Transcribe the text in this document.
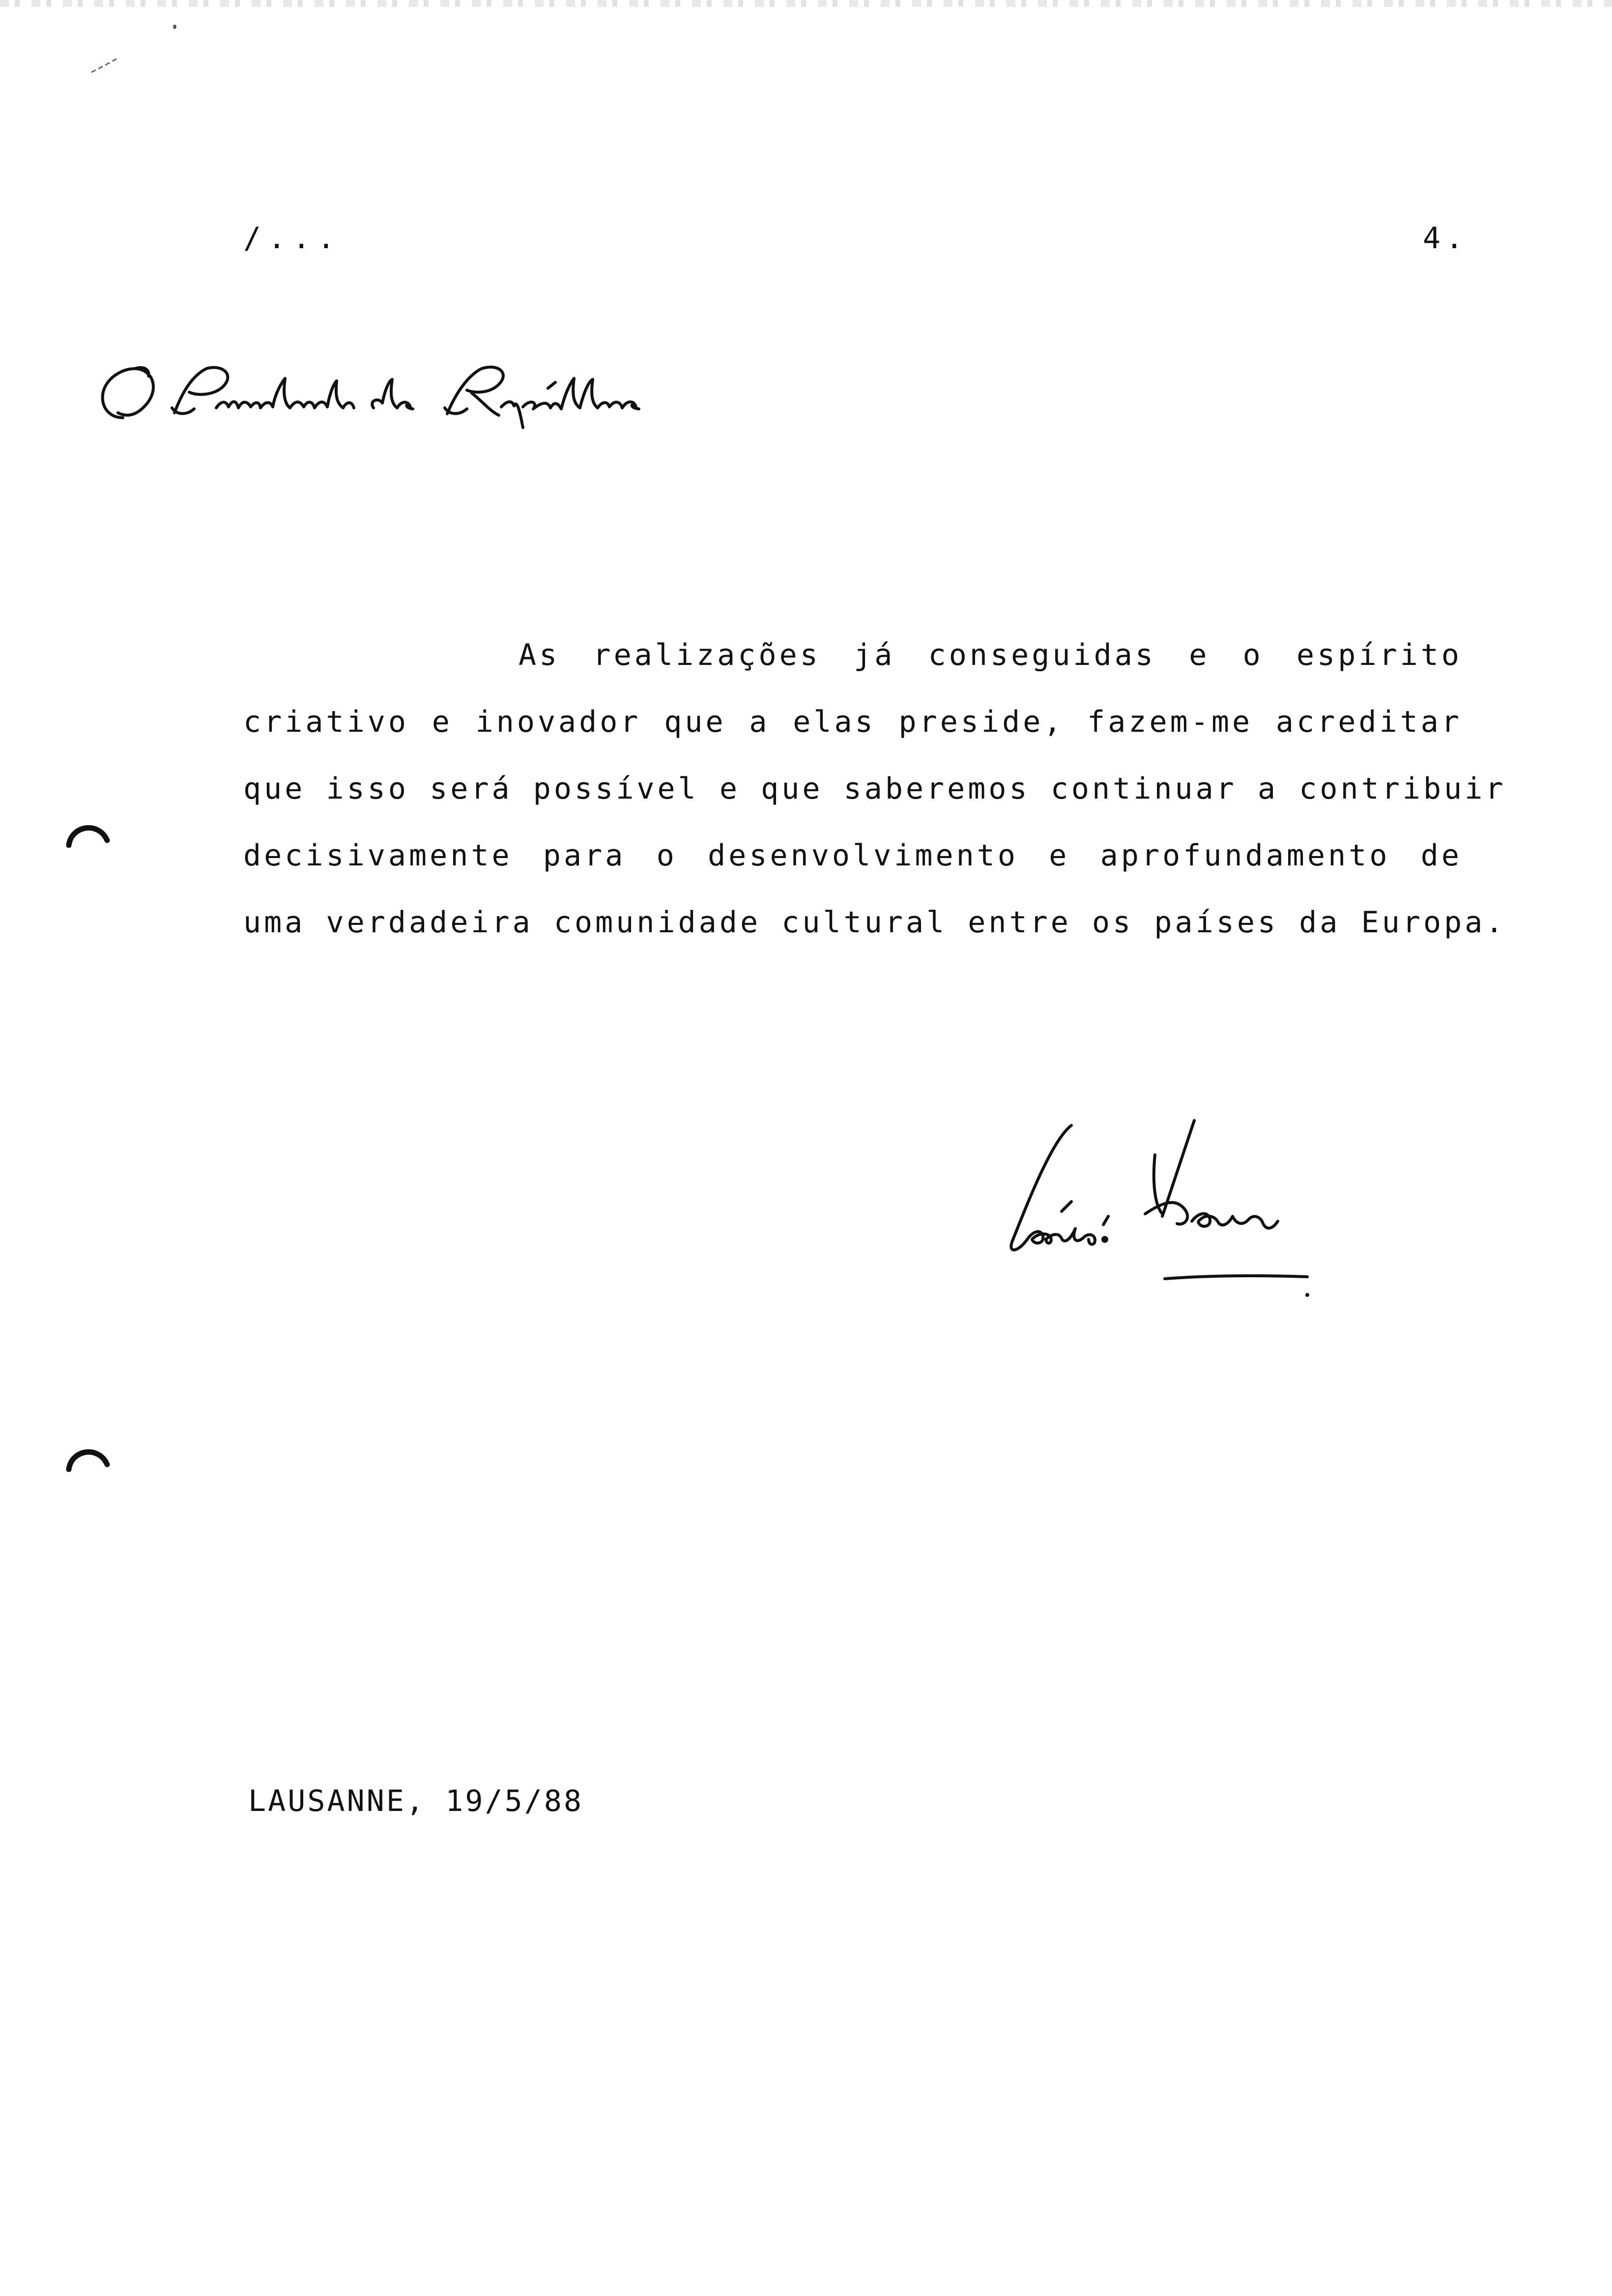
/...	4.
As realizações já conseguidas e o espírito
criativo e inovador que a elas preside, fazem-me acreditar
que isso será possível e que saberemos continuar a contribuir
decisivamente para o desenvolvimento e aprofundamento de
uma verdadeira comunidade cultural entre os países da Europa.
LAUSANNE, 19/5/88
